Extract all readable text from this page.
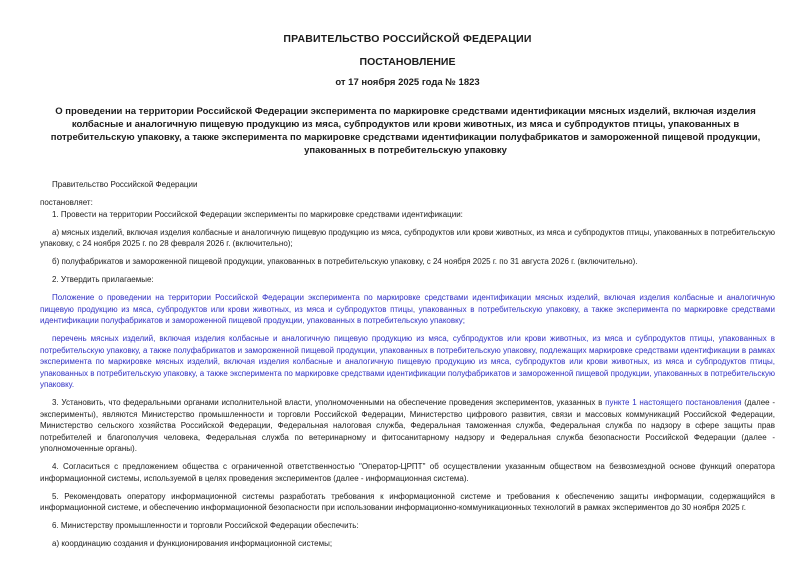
ПРАВИТЕЛЬСТВО РОССИЙСКОЙ ФЕДЕРАЦИИ
ПОСТАНОВЛЕНИЕ
от 17 ноября 2025 года № 1823
О проведении на территории Российской Федерации эксперимента по маркировке средствами идентификации мясных изделий, включая изделия колбасные и аналогичную пищевую продукцию из мяса, субпродуктов или крови животных, из мяса и субпродуктов птицы, упакованных в потребительскую упаковку, а также эксперимента по маркировке средствами идентификации полуфабрикатов и замороженной пищевой продукции, упакованных в потребительскую упаковку
Правительство Российской Федерации
постановляет:
1. Провести на территории Российской Федерации эксперименты по маркировке средствами идентификации:
а) мясных изделий, включая изделия колбасные и аналогичную пищевую продукцию из мяса, субпродуктов или крови животных, из мяса и субпродуктов птицы, упакованных в потребительскую упаковку, с 24 ноября 2025 г. по 28 февраля 2026 г. (включительно);
б) полуфабрикатов и замороженной пищевой продукции, упакованных в потребительскую упаковку, с 24 ноября 2025 г. по 31 августа 2026 г. (включительно).
2. Утвердить прилагаемые:
Положение о проведении на территории Российской Федерации эксперимента по маркировке средствами идентификации мясных изделий, включая изделия колбасные и аналогичную пищевую продукцию из мяса, субпродуктов или крови животных, из мяса и субпродуктов птицы, упакованных в потребительскую упаковку, а также эксперимента по маркировке средствами идентификации полуфабрикатов и замороженной пищевой продукции, упакованных в потребительскую упаковку;
перечень мясных изделий, включая изделия колбасные и аналогичную пищевую продукцию из мяса, субпродуктов или крови животных, из мяса и субпродуктов птицы, упакованных в потребительскую упаковку, а также полуфабрикатов и замороженной пищевой продукции, упакованных в потребительскую упаковку, подлежащих маркировке средствами идентификации в рамках эксперимента по маркировке мясных изделий, включая изделия колбасные и аналогичную пищевую продукцию из мяса, субпродуктов или крови животных, из мяса и субпродуктов птицы, упакованных в потребительскую упаковку, а также эксперимента по маркировке средствами идентификации полуфабрикатов и замороженной пищевой продукции, упакованных в потребительскую упаковку.
3. Установить, что федеральными органами исполнительной власти, уполномоченными на обеспечение проведения экспериментов, указанных в пункте 1 настоящего постановления (далее - эксперименты), являются Министерство промышленности и торговли Российской Федерации, Министерство цифрового развития, связи и массовых коммуникаций Российской Федерации, Министерство сельского хозяйства Российской Федерации, Федеральная налоговая служба, Федеральная таможенная служба, Федеральная служба по надзору в сфере защиты прав потребителей и благополучия человека, Федеральная служба по ветеринарному и фитосанитарному надзору и Федеральная служба безопасности Российской Федерации (далее - уполномоченные органы).
4. Согласиться с предложением общества с ограниченной ответственностью "Оператор-ЦРПТ" об осуществлении указанным обществом на безвозмездной основе функций оператора информационной системы, используемой в целях проведения экспериментов (далее - информационная система).
5. Рекомендовать оператору информационной системы разработать требования к информационной системе и требования к обеспечению защиты информации, содержащийся в информационной системе, и обеспечению информационной безопасности при использовании информационно-коммуникационных технологий в рамках экспериментов до 30 ноября 2025 г.
6. Министерству промышленности и торговли Российской Федерации обеспечить:
а) координацию создания и функционирования информационной системы;
